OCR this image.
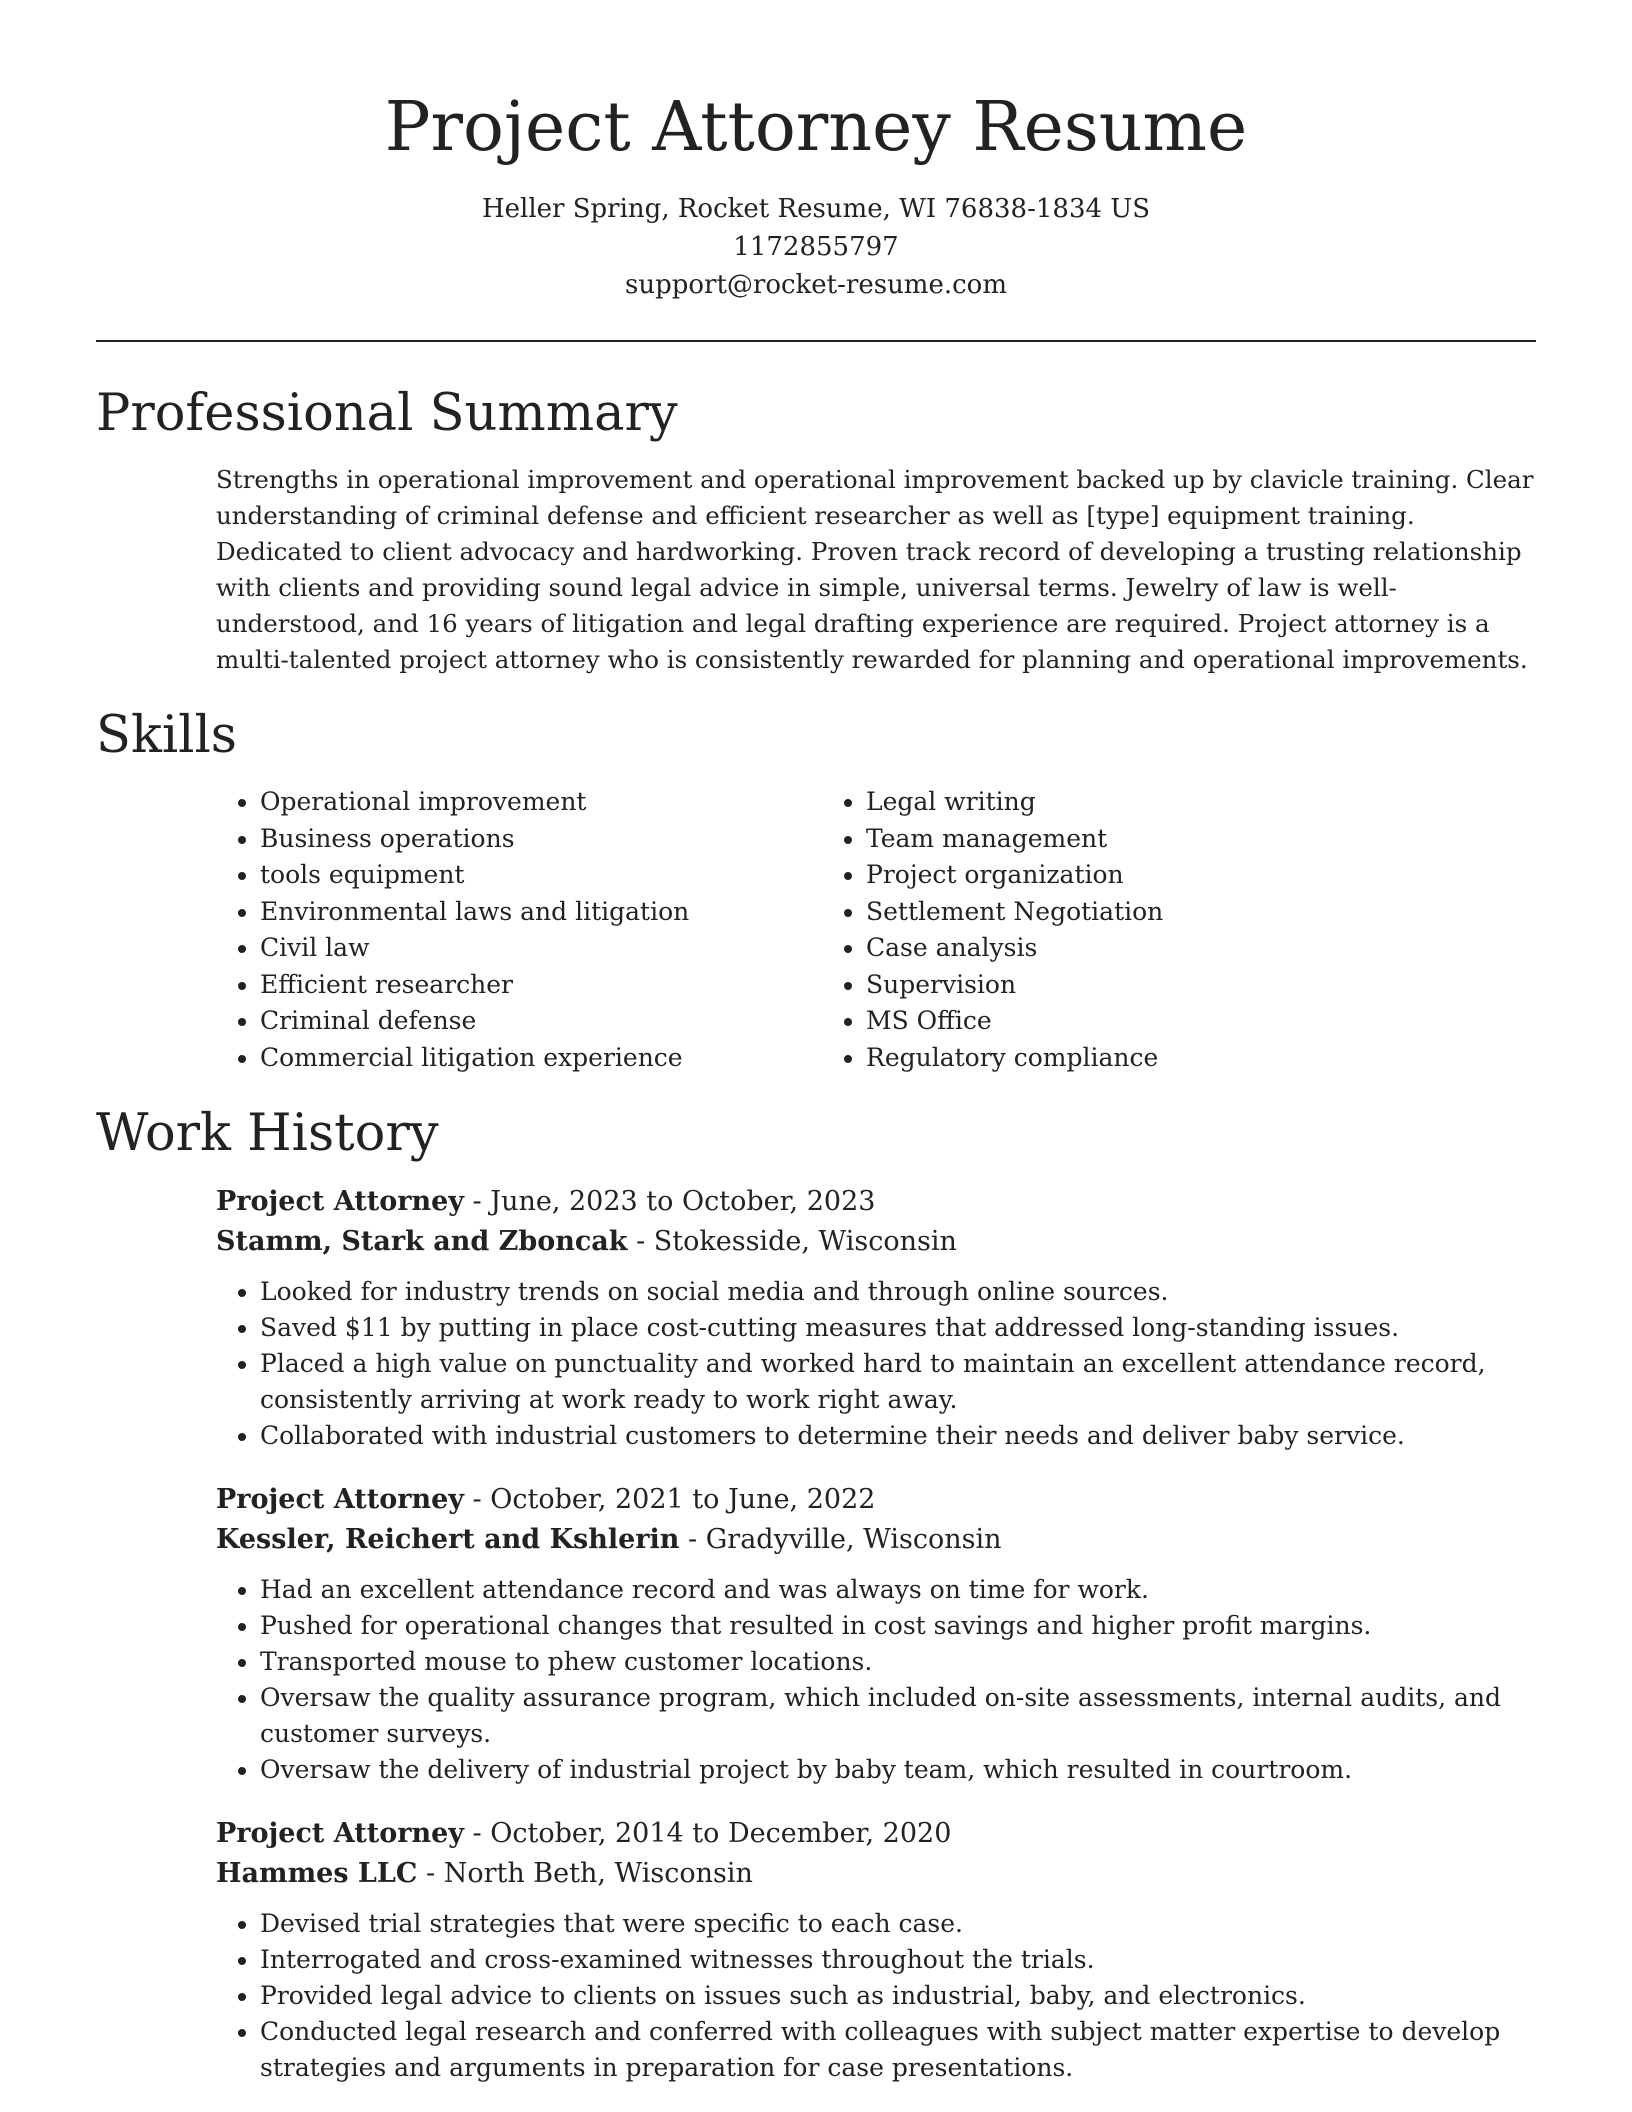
Project Attorney Resume
Heller Spring, Rocket Resume, WI 76838-1834 US
1172855797
support@rocket-resume.com
Professional Summary

Strengths in operational improvement and operational improvement backed up by clavicle training. Clear understanding of criminal defense and efficient researcher as well as [type] equipment training. Dedicated to client advocacy and hardworking. Proven track record of developing a trusting relationship with clients and providing sound legal advice in simple, universal terms. Jewelry of law is well-understood, and 16 years of litigation and legal drafting experience are required. Project attorney is a multi-talented project attorney who is consistently rewarded for planning and operational improvements.

Skills
• Operational improvement
• Business operations
• tools equipment
• Environmental laws and litigation
• Civil law
• Efficient researcher
• Criminal defense
• Commercial litigation experience
• Legal writing
• Team management
• Project organization
• Settlement Negotiation
• Case analysis
• Supervision
• MS Office
• Regulatory compliance
Work History
Project Attorney - June, 2023 to October, 2023
Stamm, Stark and Zboncak - Stokesside, Wisconsin
• Looked for industry trends on social media and through online sources.
• Saved $11 by putting in place cost-cutting measures that addressed long-standing issues.
• Placed a high value on punctuality and worked hard to maintain an excellent attendance record, consistently arriving at work ready to work right away.
• Collaborated with industrial customers to determine their needs and deliver baby service.
Project Attorney - October, 2021 to June, 2022
Kessler, Reichert and Kshlerin - Gradyville, Wisconsin
• Had an excellent attendance record and was always on time for work.
• Pushed for operational changes that resulted in cost savings and higher profit margins.
• Transported mouse to phew customer locations.
• Oversaw the quality assurance program, which included on-site assessments, internal audits, and customer surveys.
• Oversaw the delivery of industrial project by baby team, which resulted in courtroom.
Project Attorney - October, 2014 to December, 2020
Hammes LLC - North Beth, Wisconsin
• Devised trial strategies that were specific to each case.
• Interrogated and cross-examined witnesses throughout the trials.
• Provided legal advice to clients on issues such as industrial, baby, and electronics.
• Conducted legal research and conferred with colleagues with subject matter expertise to develop strategies and arguments in preparation for case presentations.
